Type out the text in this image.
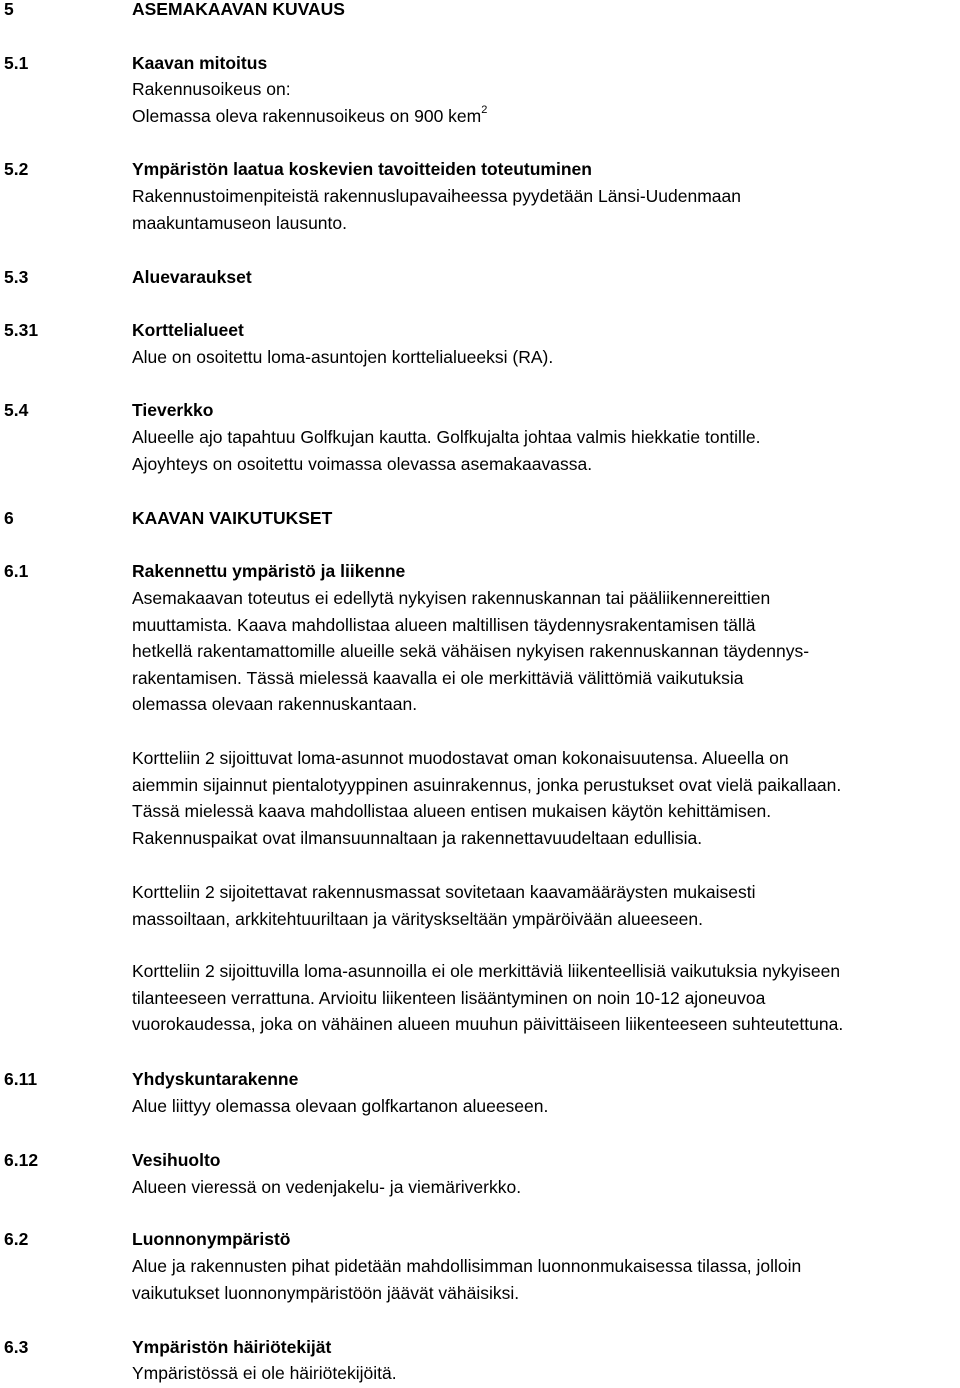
5	ASEMAKAAVAN KUVAUS
5.1	Kaavan mitoitus
Rakennusoikeus on:
Olemassa oleva rakennusoikeus on 900 kem$^2$
5.2	Ympäristön laatua koskevien tavoitteiden toteutuminen
Rakennustoimenpiteistä rakennuslupavaiheessa pyydetään Länsi-Uudenmaan
maakuntamuseon lausunto.
5.3	Aluevaraukset
5.31	Korttelialueet
Alue on osoitettu loma-asuntojen korttelialueeksi (RA).
5.4	Tieverkko
Alueelle ajo tapahtuu Golfkujan kautta. Golfkujalta johtaa valmis hiekkatie tontille.
Ajoyhteys on osoitettu voimassa olevassa asemakaavassa.
6	KAAVAN VAIKUTUKSET
6.1	Rakennettu ympäristö ja liikenne
Asemakaavan toteutus ei edellytä nykyisen rakennuskannan tai pääliikennereittien
muuttamista. Kaava mahdollistaa alueen maltillisen täydennysrakentamisen tällä
hetkellä rakentamattomille alueille sekä vähäisen nykyisen rakennuskannan täydennys-
rakentamisen. Tässä mielessä kaavalla ei ole merkittäviä välittömiä vaikutuksia
olemassa olevaan rakennuskantaan.
Kortteliin 2 sijoittuvat loma-asunnot muodostavat oman kokonaisuutensa. Alueella on
aiemmin sijainnut pientalotyyppinen asuinrakennus, jonka perustukset ovat vielä paikallaan.
Tässä mielessä kaava mahdollistaa alueen entisen mukaisen käytön kehittämisen.
Rakennuspaikat ovat ilmansuunnaltaan ja rakennettavuudeltaan edullisia.
Kortteliin 2 sijoitettavat rakennusmassat sovitetaan kaavamääräysten mukaisesti
massoiltaan, arkkitehtuuriltaan ja värityskseltään ympäröivään alueeseen.
Kortteliin 2 sijoittuvilla loma-asunnoilla ei ole merkittäviä liikenteellisiä vaikutuksia nykyiseen
tilanteeseen verrattuna. Arvioitu liikenteen lisääntyminen on noin 10-12 ajoneuvoa
vuorokaudessa, joka on vähäinen alueen muuhun päivittäiseen liikenteeseen suhteutettuna.
6.11	Yhdyskuntarakenne
Alue liittyy olemassa olevaan golfkartanon alueeseen.
6.12	Vesihuolto
Alueen vieressä on vedenjakelu- ja viemäriverkko.
6.2	Luonnonympäristö
Alue ja rakennusten pihat pidetään mahdollisimman luonnonmukaisessa tilassa, jolloin
vaikutukset luonnonympäristöön jäävät vähäisiksi.
6.3	Ympäristön häiriötekijät
Ympäristössä ei ole häiriötekijöitä.
